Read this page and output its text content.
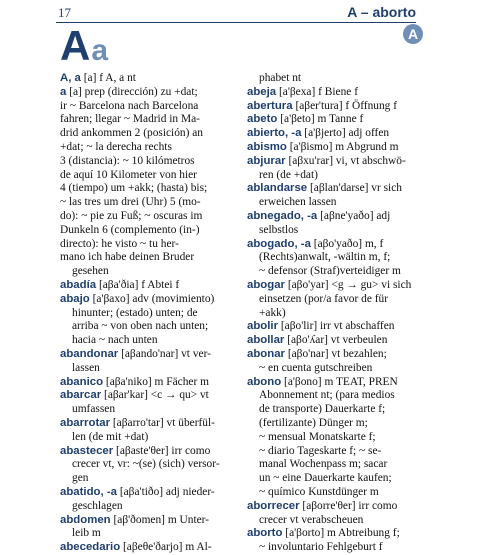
17	A – aborto
A
Aa

A, a [a] f A, a nt

a [a] prep (dirección) zu +dat;

ir ~ Barcelona nach Barcelona

fahren; llegar ~ Madrid in Ma-

drid ankommen 2 (posición) an

+dat; ~ la derecha rechts

3 (distancia): ~ 10 kilómetros

de aquí 10 Kilometer von hier

4 (tiempo) um +akk; (hasta) bis;

~ las tres um drei (Uhr) 5 (mo-

do): ~ pie zu Fuß; ~ oscuras im

Dunkeln 6 (complemento (in-)

directo): he visto ~ tu her-

mano ich habe deinen Bruder

gesehen

abadía [aβa'ðia] f Abtei f

abajo [a'βaxo] adv (movimiento)

hinunter; (estado) unten; de

arriba ~ von oben nach unten;

hacia ~ nach unten

abandonar [aβando'nar] vt ver-

lassen

abanico [aβa'niko] m Fächer m

abarcar [aβar'kar] <c → qu> vt

umfassen

abarrotar [aβarro'tar] vt überfül-

len (de mit +dat)

abastecer [aβaste'θer] irr como

crecer vt, vr: ~(se) (sich) versor-

gen

abatido, -a [aβa'tiðo] adj nieder-

geschlagen

abdomen [aβ'ðomen] m Unter-

leib m

abecedario [aβeθe'ðarjo] m Al-

phabet nt

abeja [a'βexa] f Biene f

abertura [aβer'tura] f Öffnung f

abeto [a'βeto] m Tanne f

abierto, -a [a'βjerto] adj offen

abismo [a'βismo] m Abgrund m

abjurar [aβxu'rar] vi, vt abschwö-

ren (de +dat)

ablandarse [aβlan'darse] vr sich

erweichen lassen

abnegado, -a [aβne'yaðo] adj

selbstlos

abogado, -a [aβo'yaðo] m, f

(Rechts)anwalt, -wältin m, f;

~ defensor (Straf)verteidiger m

abogar [aβo'yar] <g → gu> vi sich

einsetzen (por/a favor de für

+akk)

abolir [aβo'lir] irr vt abschaffen

abollar [aβo'ʎar] vt verbeulen

abonar [aβo'nar] vt bezahlen;

~ en cuenta gutschreiben

abono [a'βono] m TEAT, PREN

Abonnement nt; (para medios

de transporte) Dauerkarte f;

(fertilizante) Dünger m;

~ mensual Monatskarte f;

~ diario Tageskarte f; ~ se-

manal Wochenpass m; sacar

un ~ eine Dauerkarte kaufen;

~ químico Kunstdünger m

aborrecer [aβorre'θer] irr como

crecer vt verabscheuen

aborto [a'βorto] m Abtreibung f;

~ involuntario Fehlgeburt f
